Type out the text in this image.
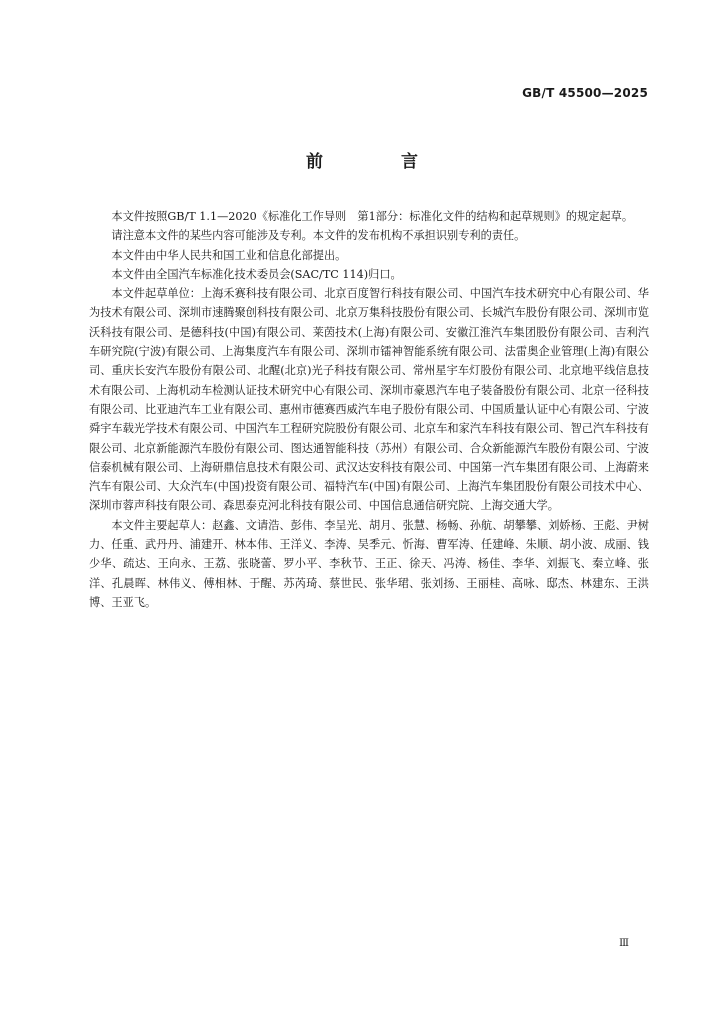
GB/T 45500—2025
前 言

本文件按照GB/T 1.1—2020《标准化工作导则　第1部分：标准化文件的结构和起草规则》的规定起草。

请注意本文件的某些内容可能涉及专利。本文件的发布机构不承担识别专利的责任。

本文件由中华人民共和国工业和信息化部提出。

本文件由全国汽车标准化技术委员会(SAC/TC 114)归口。

本文件起草单位：上海禾赛科技有限公司、北京百度智行科技有限公司、中国汽车技术研究中心有限公司、华为技术有限公司、深圳市速腾聚创科技有限公司、北京万集科技股份有限公司、长城汽车股份有限公司、深圳市览沃科技有限公司、是德科技(中国)有限公司、莱茵技术(上海)有限公司、安徽江淮汽车集团股份有限公司、吉利汽车研究院(宁波)有限公司、上海集度汽车有限公司、深圳市镭神智能系统有限公司、法雷奥企业管理(上海)有限公司、重庆长安汽车股份有限公司、北醒(北京)光子科技有限公司、常州星宇车灯股份有限公司、北京地平线信息技术有限公司、上海机动车检测认证技术研究中心有限公司、深圳市豪恩汽车电子装备股份有限公司、北京一径科技有限公司、比亚迪汽车工业有限公司、惠州市德赛西威汽车电子股份有限公司、中国质量认证中心有限公司、宁波舜宇车载光学技术有限公司、中国汽车工程研究院股份有限公司、北京车和家汽车科技有限公司、智己汽车科技有限公司、北京新能源汽车股份有限公司、图达通智能科技（苏州）有限公司、合众新能源汽车股份有限公司、宁波信泰机械有限公司、上海研鼎信息技术有限公司、武汉达安科技有限公司、中国第一汽车集团有限公司、上海蔚来汽车有限公司、大众汽车(中国)投资有限公司、福特汽车(中国)有限公司、上海汽车集团股份有限公司技术中心、深圳市蓉声科技有限公司、森思泰克河北科技有限公司、中国信息通信研究院、上海交通大学。

本文件主要起草人：赵鑫、文请浩、彭伟、李呈光、胡月、张慧、杨畅、孙航、胡攀攀、刘娇杨、王彪、尹树力、任重、武丹丹、浦建开、林本伟、王洋义、李涛、吴季元、忻海、曹军涛、任建峰、朱顺、胡小波、成丽、钱少华、疏达、王向永、王荔、张晓蕾、罗小平、李秋节、王正、徐天、冯涛、杨佳、李华、刘振飞、秦立峰、张洋、孔晨晖、林伟义、傅相林、于醒、苏芮琦、蔡世民、张华珺、张刘扬、王丽桂、高咏、邸杰、林建东、王洪博、王亚飞。

III
